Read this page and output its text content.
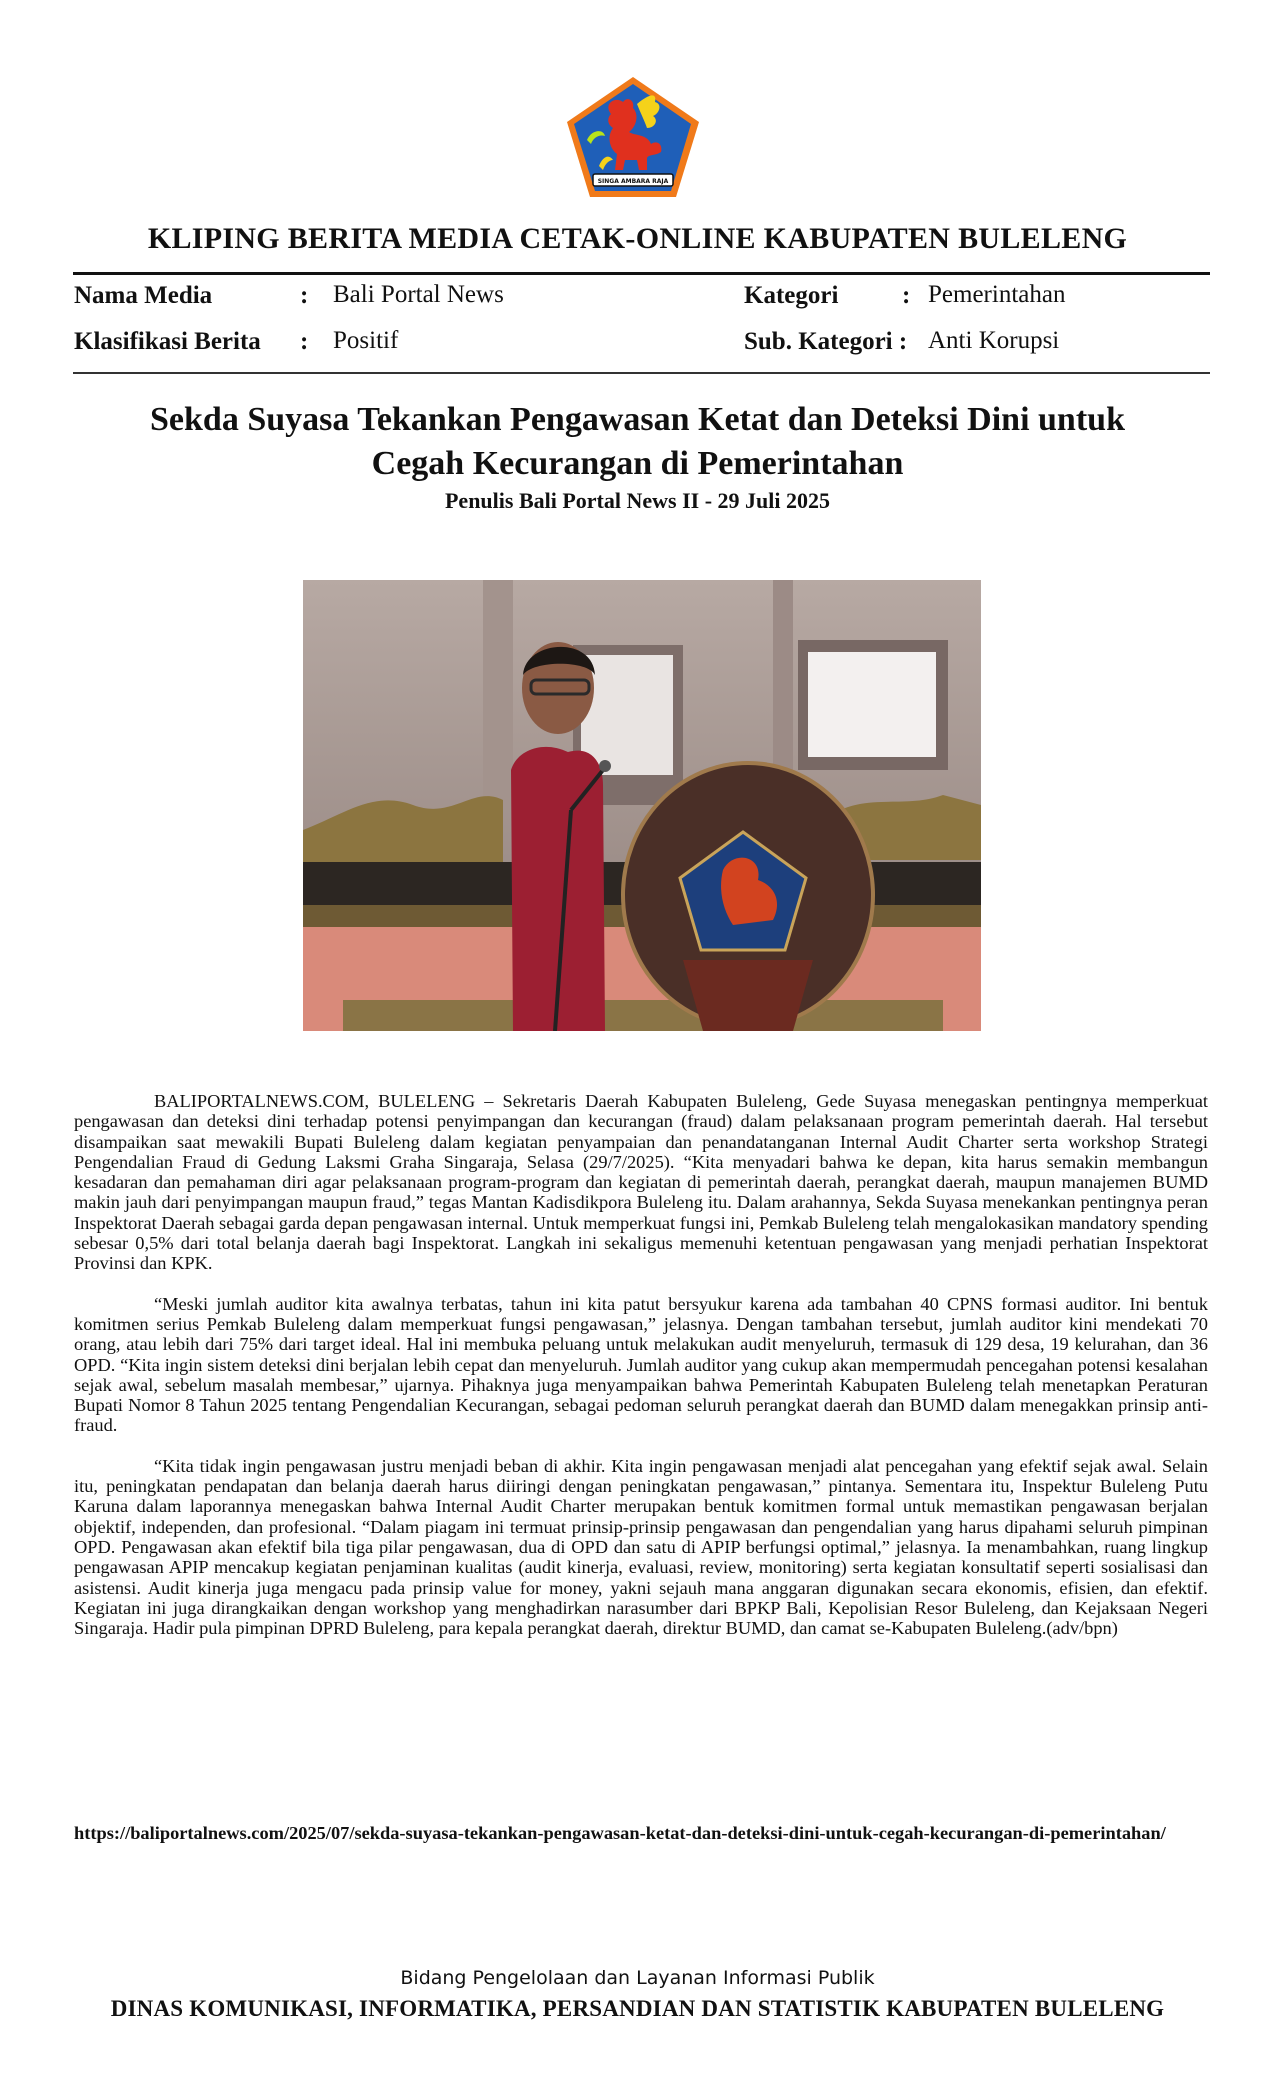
SINGA AMBARA RAJA
KLIPING BERITA MEDIA CETAK-ONLINE KABUPATEN BULELENG
Nama Media	: Bali Portal News
Klasifikasi Berita : Positif
Kategori	: Pemerintahan
Sub. Kategori : Anti Korupsi
Sekda Suyasa Tekankan Pengawasan Ketat dan Deteksi Dini untuk Cegah Kecurangan di Pemerintahan
Penulis Bali Portal News II - 29 Juli 2025

BALIPORTALNEWS.COM, BULELENG – Sekretaris Daerah Kabupaten Buleleng, Gede Suyasa menegaskan pentingnya memperkuat pengawasan dan deteksi dini terhadap potensi penyimpangan dan kecurangan (fraud) dalam pelaksanaan program pemerintah daerah. Hal tersebut disampaikan saat mewakili Bupati Buleleng dalam kegiatan penyampaian dan penandatanganan Internal Audit Charter serta workshop Strategi Pengendalian Fraud di Gedung Laksmi Graha Singaraja, Selasa (29/7/2025). “Kita menyadari bahwa ke depan, kita harus semakin membangun kesadaran dan pemahaman diri agar pelaksanaan program-program dan kegiatan di pemerintah daerah, perangkat daerah, maupun manajemen BUMD makin jauh dari penyimpangan maupun fraud,” tegas Mantan Kadisdikpora Buleleng itu. Dalam arahannya, Sekda Suyasa menekankan pentingnya peran Inspektorat Daerah sebagai garda depan pengawasan internal. Untuk memperkuat fungsi ini, Pemkab Buleleng telah mengalokasikan mandatory spending sebesar 0,5% dari total belanja daerah bagi Inspektorat. Langkah ini sekaligus memenuhi ketentuan pengawasan yang menjadi perhatian Inspektorat Provinsi dan KPK.

“Meski jumlah auditor kita awalnya terbatas, tahun ini kita patut bersyukur karena ada tambahan 40 CPNS formasi auditor. Ini bentuk komitmen serius Pemkab Buleleng dalam memperkuat fungsi pengawasan,” jelasnya. Dengan tambahan tersebut, jumlah auditor kini mendekati 70 orang, atau lebih dari 75% dari target ideal. Hal ini membuka peluang untuk melakukan audit menyeluruh, termasuk di 129 desa, 19 kelurahan, dan 36 OPD. “Kita ingin sistem deteksi dini berjalan lebih cepat dan menyeluruh. Jumlah auditor yang cukup akan mempermudah pencegahan potensi kesalahan sejak awal, sebelum masalah membesar,” ujarnya. Pihaknya juga menyampaikan bahwa Pemerintah Kabupaten Buleleng telah menetapkan Peraturan Bupati Nomor 8 Tahun 2025 tentang Pengendalian Kecurangan, sebagai pedoman seluruh perangkat daerah dan BUMD dalam menegakkan prinsip anti-fraud.

“Kita tidak ingin pengawasan justru menjadi beban di akhir. Kita ingin pengawasan menjadi alat pencegahan yang efektif sejak awal. Selain itu, peningkatan pendapatan dan belanja daerah harus diiringi dengan peningkatan pengawasan,” pintanya. Sementara itu, Inspektur Buleleng Putu Karuna dalam laporannya menegaskan bahwa Internal Audit Charter merupakan bentuk komitmen formal untuk memastikan pengawasan berjalan objektif, independen, dan profesional. “Dalam piagam ini termuat prinsip-prinsip pengawasan dan pengendalian yang harus dipahami seluruh pimpinan OPD. Pengawasan akan efektif bila tiga pilar pengawasan, dua di OPD dan satu di APIP berfungsi optimal,” jelasnya. Ia menambahkan, ruang lingkup pengawasan APIP mencakup kegiatan penjaminan kualitas (audit kinerja, evaluasi, review, monitoring) serta kegiatan konsultatif seperti sosialisasi dan asistensi. Audit kinerja juga mengacu pada prinsip value for money, yakni sejauh mana anggaran digunakan secara ekonomis, efisien, dan efektif. Kegiatan ini juga dirangkaikan dengan workshop yang menghadirkan narasumber dari BPKP Bali, Kepolisian Resor Buleleng, dan Kejaksaan Negeri Singaraja. Hadir pula pimpinan DPRD Buleleng, para kepala perangkat daerah, direktur BUMD, dan camat se-Kabupaten Buleleng.(adv/bpn)

https://baliportalnews.com/2025/07/sekda-suyasa-tekankan-pengawasan-ketat-dan-deteksi-dini-untuk-cegah-kecurangan-di-pemerintahan/
Bidang Pengelolaan dan Layanan Informasi Publik
DINAS KOMUNIKASI, INFORMATIKA, PERSANDIAN DAN STATISTIK KABUPATEN BULELENG
